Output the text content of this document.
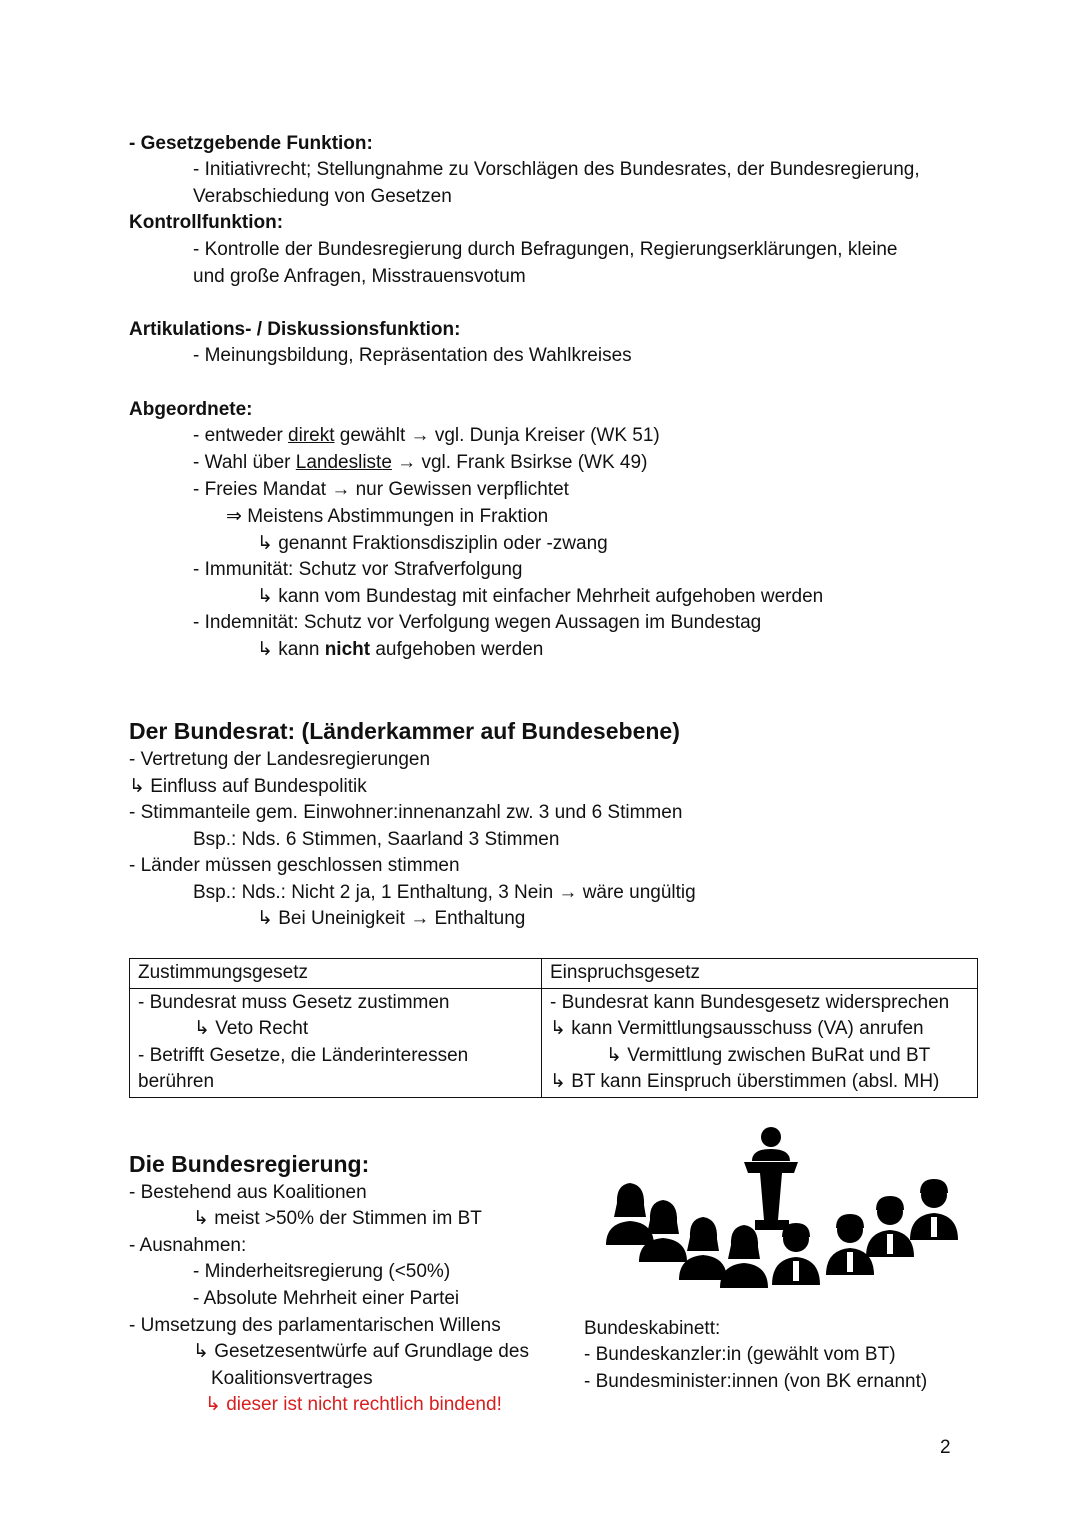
- Gesetzgebende Funktion:
- Initiativrecht; Stellungnahme zu Vorschlägen des Bundesrates, der Bundesregierung,
Verabschiedung von Gesetzen
Kontrollfunktion:
- Kontrolle der Bundesregierung durch Befragungen, Regierungserklärungen, kleine
und große Anfragen, Misstrauensvotum
Artikulations- / Diskussionsfunktion:
- Meinungsbildung, Repräsentation des Wahlkreises
Abgeordnete:
- entweder direkt gewählt → vgl. Dunja Kreiser (WK 51)
- Wahl über Landesliste → vgl. Frank Bsirkse (WK 49)
- Freies Mandat → nur Gewissen verpflichtet
⇒ Meistens Abstimmungen in Fraktion
↳ genannt Fraktionsdisziplin oder -zwang
- Immunität: Schutz vor Strafverfolgung
↳ kann vom Bundestag mit einfacher Mehrheit aufgehoben werden
- Indemnität: Schutz vor Verfolgung wegen Aussagen im Bundestag
↳ kann nicht aufgehoben werden
Der Bundesrat: (Länderkammer auf Bundesebene)
- Vertretung der Landesregierungen
↳ Einfluss auf Bundespolitik
- Stimmanteile gem. Einwohner:innenanzahl zw. 3 und 6 Stimmen
Bsp.: Nds. 6 Stimmen, Saarland 3 Stimmen
- Länder müssen geschlossen stimmen
Bsp.: Nds.: Nicht 2 ja, 1 Enthaltung, 3 Nein → wäre ungültig
↳ Bei Uneinigkeit → Enthaltung
Zustimmungsgesetz	Einspruchsgesetz

- Bundesrat muss Gesetz zustimmen
↳ Veto Recht
- Betrifft Gesetze, die Länderinteressen
berühren	- Bundesrat kann Bundesgesetz widersprechen
↳ kann Vermittlungsausschuss (VA) anrufen
↳ Vermittlung zwischen BuRat und BT
↳ BT kann Einspruch überstimmen (absl. MH)
Die Bundesregierung:
- Bestehend aus Koalitionen
↳ meist >50% der Stimmen im BT
- Ausnahmen:
- Minderheitsregierung (<50%)
- Absolute Mehrheit einer Partei
- Umsetzung des parlamentarischen Willens
↳ Gesetzesentwürfe auf Grundlage des
Koalitionsvertrages
↳ dieser ist nicht rechtlich bindend!
Bundeskabinett:
- Bundeskanzler:in (gewählt vom BT)
- Bundesminister:innen (von BK ernannt)
2
